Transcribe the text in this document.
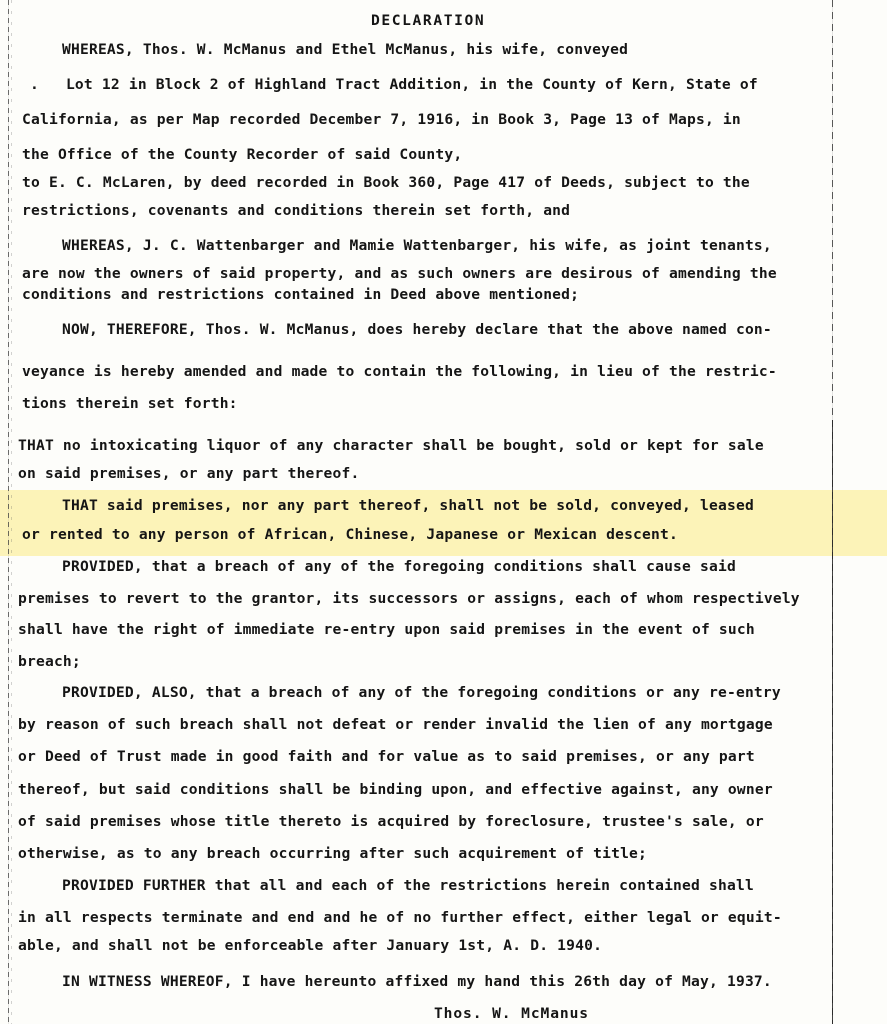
DECLARATION
WHEREAS, Thos. W. McManus and Ethel McManus, his wife, conveyed
.   Lot 12 in Block 2 of Highland Tract Addition, in the County of Kern, State of
California, as per Map recorded December 7, 1916, in Book 3, Page 13 of Maps, in
the Office of the County Recorder of said County,
to E. C. McLaren, by deed recorded in Book 360, Page 417 of Deeds, subject to the
restrictions, covenants and conditions therein set forth, and
WHEREAS, J. C. Wattenbarger and Mamie Wattenbarger, his wife, as joint tenants,
are now the owners of said property, and as such owners are desirous of amending the
conditions and restrictions contained in Deed above mentioned;
NOW, THEREFORE, Thos. W. McManus, does hereby declare that the above named con-
veyance is hereby amended and made to contain the following, in lieu of the restric-
tions therein set forth:
THAT no intoxicating liquor of any character shall be bought, sold or kept for sale
on said premises, or any part thereof.
THAT said premises, nor any part thereof, shall not be sold, conveyed, leased
or rented to any person of African, Chinese, Japanese or Mexican descent.
PROVIDED, that a breach of any of the foregoing conditions shall cause said
premises to revert to the grantor, its successors or assigns, each of whom respectively
shall have the right of immediate re-entry upon said premises in the event of such
breach;
PROVIDED, ALSO, that a breach of any of the foregoing conditions or any re-entry
by reason of such breach shall not defeat or render invalid the lien of any mortgage
or Deed of Trust made in good faith and for value as to said premises, or any part
thereof, but said conditions shall be binding upon, and effective against, any owner
of said premises whose title thereto is acquired by foreclosure, trustee's sale, or
otherwise, as to any breach occurring after such acquirement of title;
PROVIDED FURTHER that all and each of the restrictions herein contained shall
in all respects terminate and end and he of no further effect, either legal or equit-
able, and shall not be enforceable after January 1st, A. D. 1940.
IN WITNESS WHEREOF, I have hereunto affixed my hand this 26th day of May, 1937.
Thos. W. McManus
